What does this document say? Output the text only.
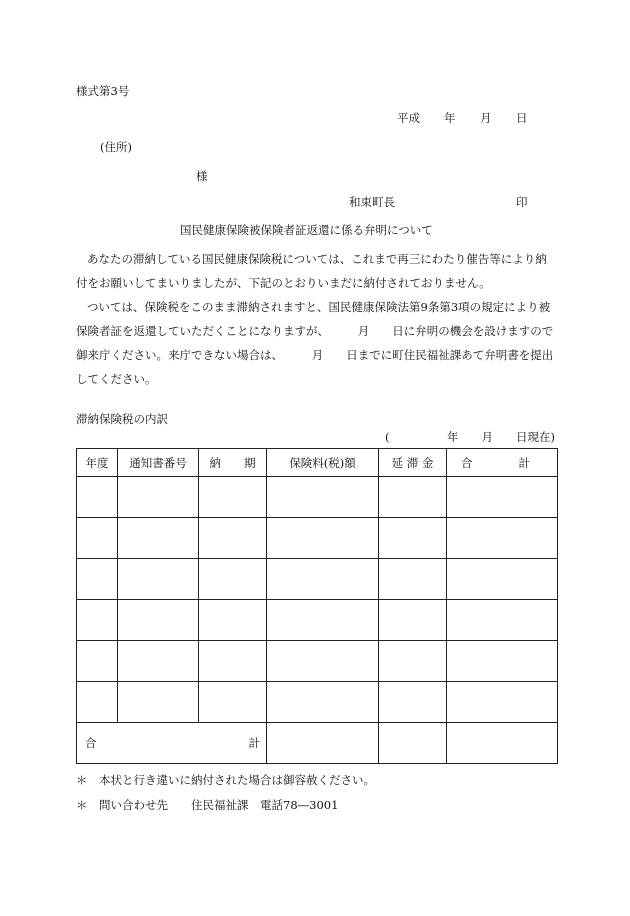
様式第3号
平成 年 月 日
(住所)
様
和束町長	印
国民健康保険被保険者証返還に係る弁明について

あなたの滞納している国民健康保険税については、これまで再三にわたり催告等により納付をお願いしてまいりましたが、下記のとおりいまだに納付されておりません。

ついては、保険税をこのまま滞納されますと、国民健康保険法第9条第3項の規定により被保険者証を返還していただくことになりますが、　　　月　　日に弁明の機会を設けますので御来庁ください。来庁できない場合は、　　　月　　日までに町住民福祉課あて弁明書を提出してください。

滞納保険税の内訳
(　　　　　年　　月　　日現在)
年度	通知書番号	納　　期	保険料(税)額	延 滞 金	合　　　　計

合 計					

＊　本状と行き違いに納付された場合は御容赦ください。
＊　問い合わせ先　　住民福祉課　電話78―3001
